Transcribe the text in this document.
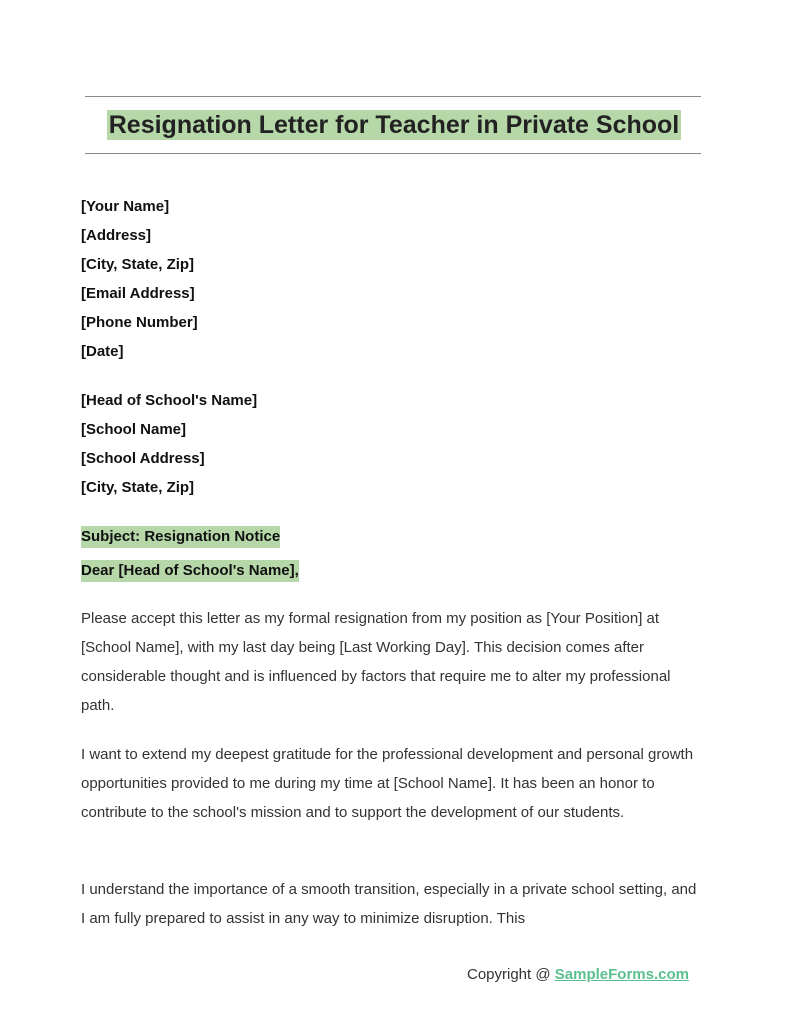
Resignation Letter for Teacher in Private School
[Your Name]
[Address]
[City, State, Zip]
[Email Address]
[Phone Number]
[Date]
[Head of School's Name]
[School Name]
[School Address]
[City, State, Zip]
Subject: Resignation Notice
Dear [Head of School's Name],

Please accept this letter as my formal resignation from my position as [Your Position] at [School Name], with my last day being [Last Working Day]. This decision comes after considerable thought and is influenced by factors that require me to alter my professional path.

I want to extend my deepest gratitude for the professional development and personal growth opportunities provided to me during my time at [School Name]. It has been an honor to contribute to the school's mission and to support the development of our students.

I understand the importance of a smooth transition, especially in a private school setting, and I am fully prepared to assist in any way to minimize disruption. This

Copyright @ SampleForms.com
